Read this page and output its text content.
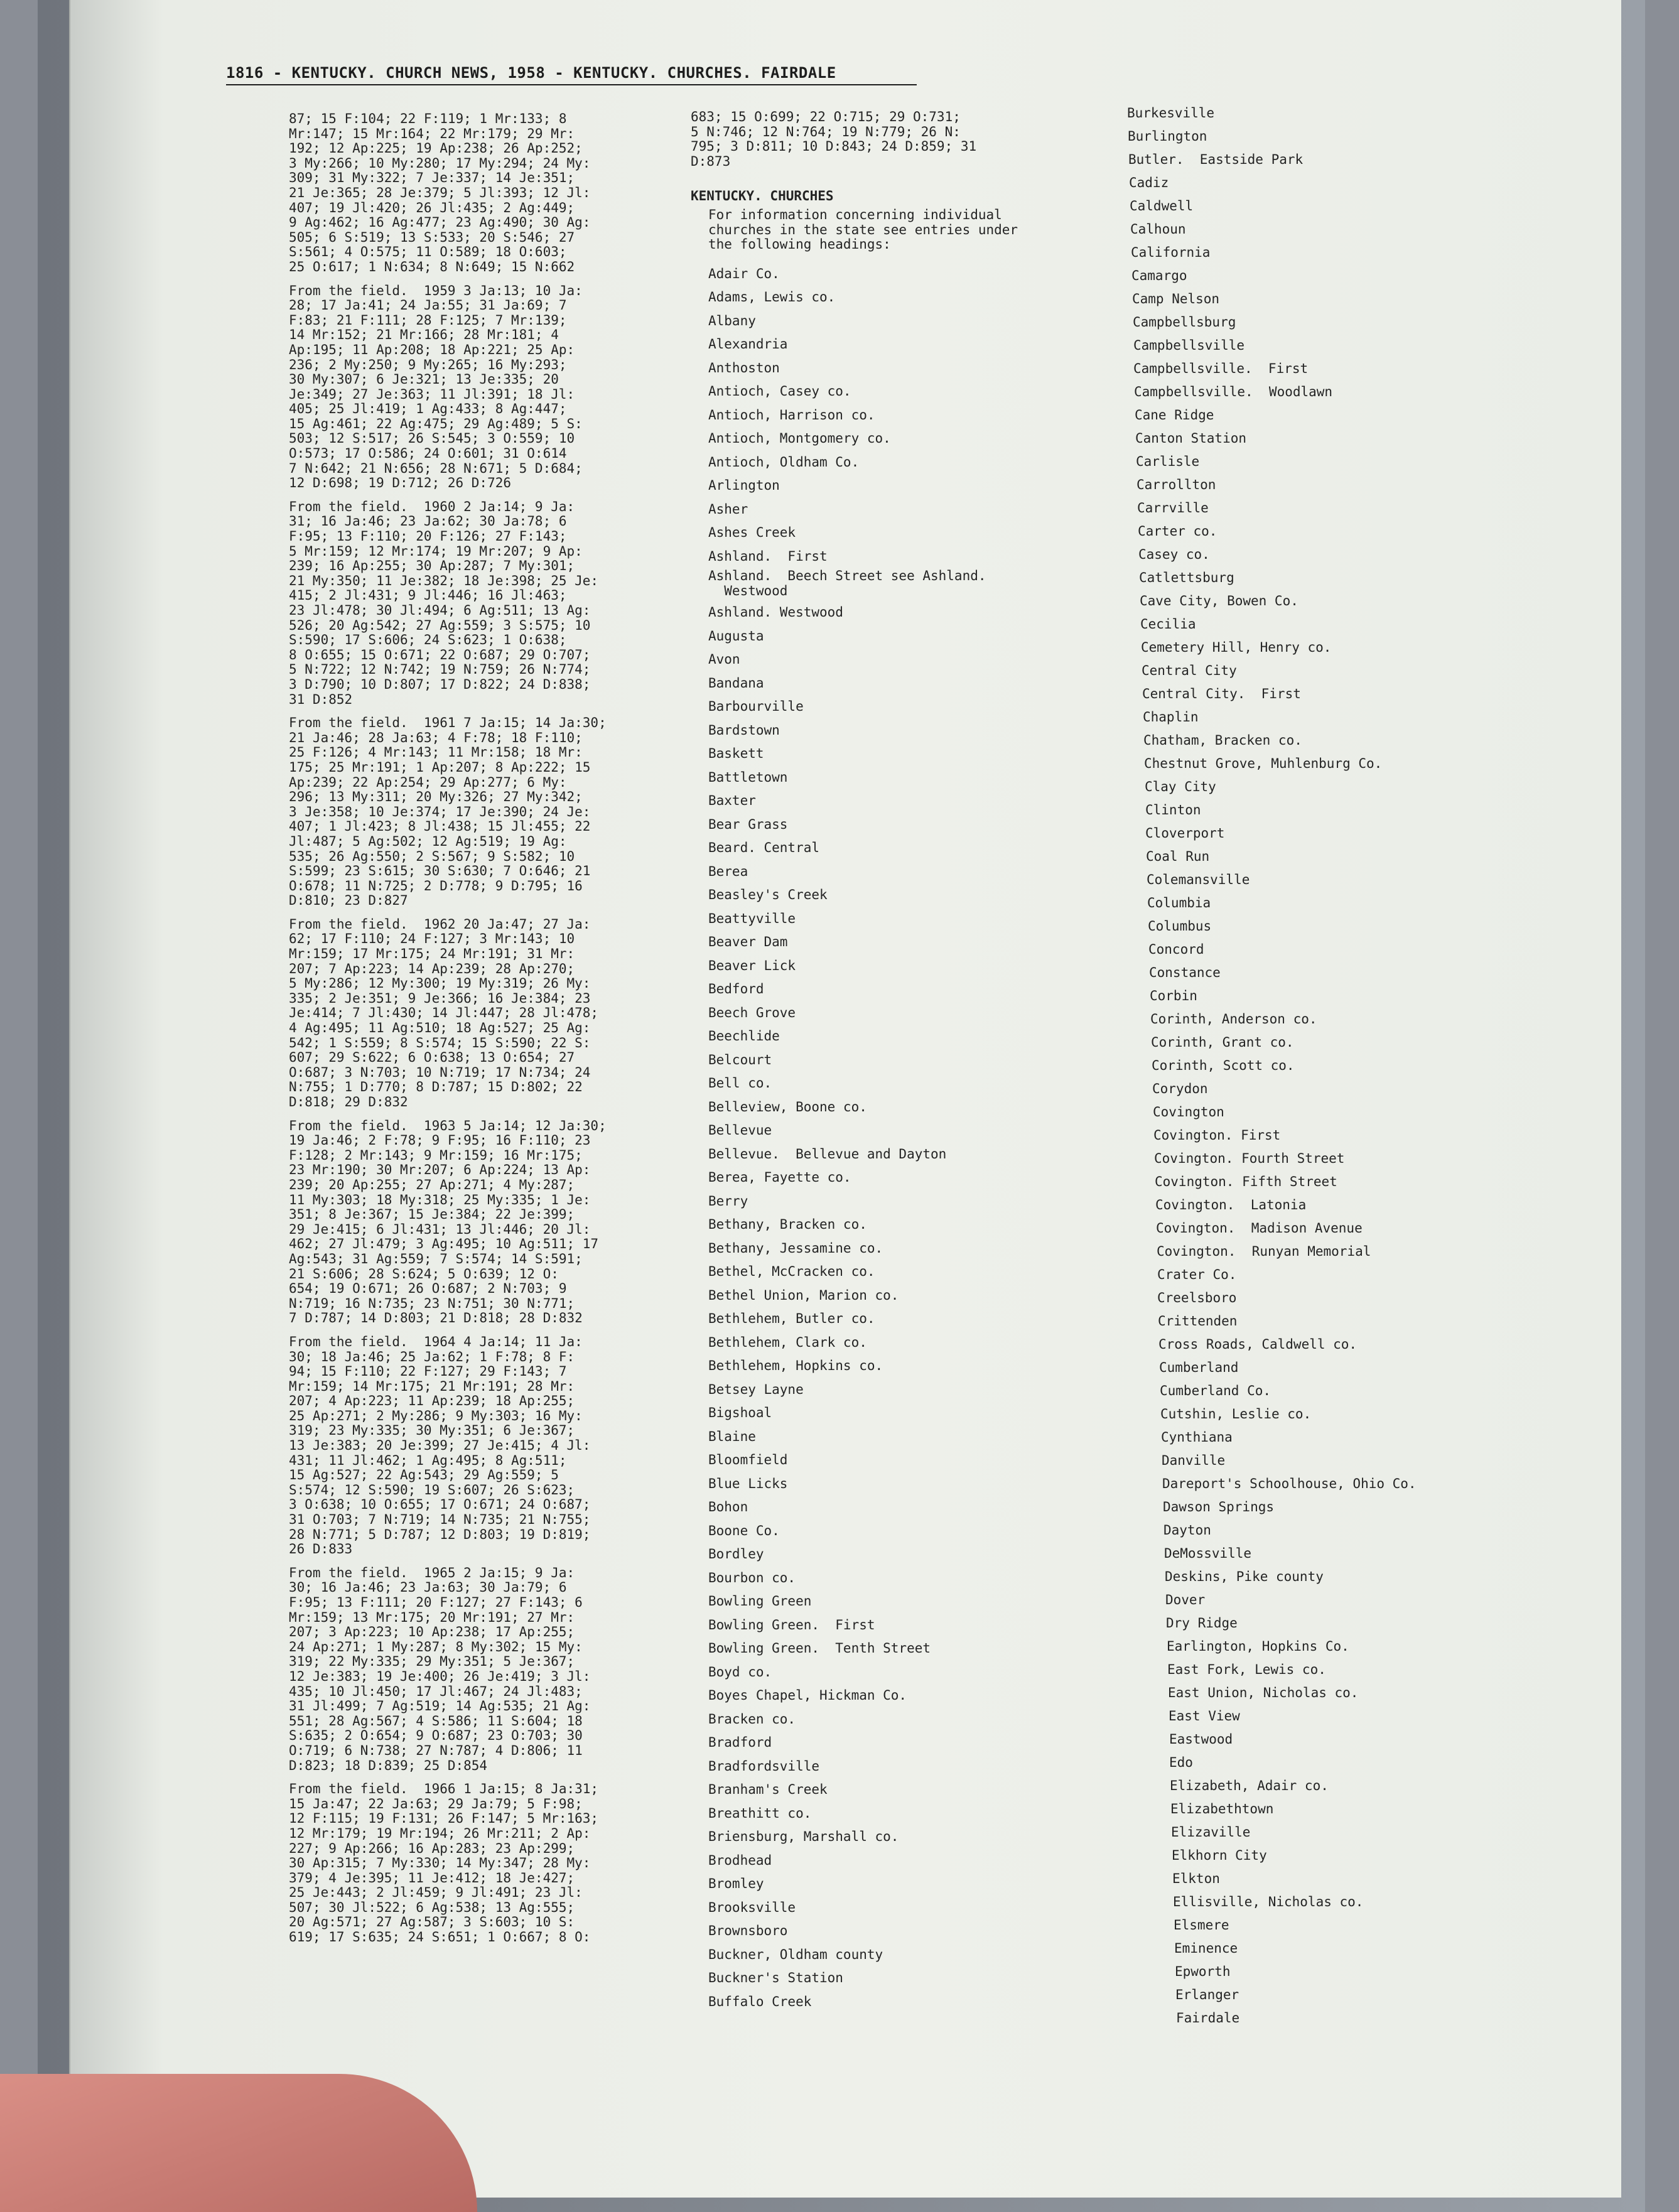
1816 - KENTUCKY. CHURCH NEWS, 1958 - KENTUCKY. CHURCHES. FAIRDALE
87; 15 F:104; 22 F:119; 1 Mr:133; 8
Mr:147; 15 Mr:164; 22 Mr:179; 29 Mr:
192; 12 Ap:225; 19 Ap:238; 26 Ap:252;
3 My:266; 10 My:280; 17 My:294; 24 My:
309; 31 My:322; 7 Je:337; 14 Je:351;
21 Je:365; 28 Je:379; 5 Jl:393; 12 Jl:
407; 19 Jl:420; 26 Jl:435; 2 Ag:449;
9 Ag:462; 16 Ag:477; 23 Ag:490; 30 Ag:
505; 6 S:519; 13 S:533; 20 S:546; 27
S:561; 4 O:575; 11 O:589; 18 O:603;
25 O:617; 1 N:634; 8 N:649; 15 N:662
From the field.  1959 3 Ja:13; 10 Ja:
28; 17 Ja:41; 24 Ja:55; 31 Ja:69; 7
F:83; 21 F:111; 28 F:125; 7 Mr:139;
14 Mr:152; 21 Mr:166; 28 Mr:181; 4
Ap:195; 11 Ap:208; 18 Ap:221; 25 Ap:
236; 2 My:250; 9 My:265; 16 My:293;
30 My:307; 6 Je:321; 13 Je:335; 20
Je:349; 27 Je:363; 11 Jl:391; 18 Jl:
405; 25 Jl:419; 1 Ag:433; 8 Ag:447;
15 Ag:461; 22 Ag:475; 29 Ag:489; 5 S:
503; 12 S:517; 26 S:545; 3 O:559; 10
O:573; 17 O:586; 24 O:601; 31 O:614
7 N:642; 21 N:656; 28 N:671; 5 D:684;
12 D:698; 19 D:712; 26 D:726
From the field.  1960 2 Ja:14; 9 Ja:
31; 16 Ja:46; 23 Ja:62; 30 Ja:78; 6
F:95; 13 F:110; 20 F:126; 27 F:143;
5 Mr:159; 12 Mr:174; 19 Mr:207; 9 Ap:
239; 16 Ap:255; 30 Ap:287; 7 My:301;
21 My:350; 11 Je:382; 18 Je:398; 25 Je:
415; 2 Jl:431; 9 Jl:446; 16 Jl:463;
23 Jl:478; 30 Jl:494; 6 Ag:511; 13 Ag:
526; 20 Ag:542; 27 Ag:559; 3 S:575; 10
S:590; 17 S:606; 24 S:623; 1 O:638;
8 O:655; 15 O:671; 22 O:687; 29 O:707;
5 N:722; 12 N:742; 19 N:759; 26 N:774;
3 D:790; 10 D:807; 17 D:822; 24 D:838;
31 D:852
From the field.  1961 7 Ja:15; 14 Ja:30;
21 Ja:46; 28 Ja:63; 4 F:78; 18 F:110;
25 F:126; 4 Mr:143; 11 Mr:158; 18 Mr:
175; 25 Mr:191; 1 Ap:207; 8 Ap:222; 15
Ap:239; 22 Ap:254; 29 Ap:277; 6 My:
296; 13 My:311; 20 My:326; 27 My:342;
3 Je:358; 10 Je:374; 17 Je:390; 24 Je:
407; 1 Jl:423; 8 Jl:438; 15 Jl:455; 22
Jl:487; 5 Ag:502; 12 Ag:519; 19 Ag:
535; 26 Ag:550; 2 S:567; 9 S:582; 10
S:599; 23 S:615; 30 S:630; 7 O:646; 21
O:678; 11 N:725; 2 D:778; 9 D:795; 16
D:810; 23 D:827
From the field.  1962 20 Ja:47; 27 Ja:
62; 17 F:110; 24 F:127; 3 Mr:143; 10
Mr:159; 17 Mr:175; 24 Mr:191; 31 Mr:
207; 7 Ap:223; 14 Ap:239; 28 Ap:270;
5 My:286; 12 My:300; 19 My:319; 26 My:
335; 2 Je:351; 9 Je:366; 16 Je:384; 23
Je:414; 7 Jl:430; 14 Jl:447; 28 Jl:478;
4 Ag:495; 11 Ag:510; 18 Ag:527; 25 Ag:
542; 1 S:559; 8 S:574; 15 S:590; 22 S:
607; 29 S:622; 6 O:638; 13 O:654; 27
O:687; 3 N:703; 10 N:719; 17 N:734; 24
N:755; 1 D:770; 8 D:787; 15 D:802; 22
D:818; 29 D:832
From the field.  1963 5 Ja:14; 12 Ja:30;
19 Ja:46; 2 F:78; 9 F:95; 16 F:110; 23
F:128; 2 Mr:143; 9 Mr:159; 16 Mr:175;
23 Mr:190; 30 Mr:207; 6 Ap:224; 13 Ap:
239; 20 Ap:255; 27 Ap:271; 4 My:287;
11 My:303; 18 My:318; 25 My:335; 1 Je:
351; 8 Je:367; 15 Je:384; 22 Je:399;
29 Je:415; 6 Jl:431; 13 Jl:446; 20 Jl:
462; 27 Jl:479; 3 Ag:495; 10 Ag:511; 17
Ag:543; 31 Ag:559; 7 S:574; 14 S:591;
21 S:606; 28 S:624; 5 O:639; 12 O:
654; 19 O:671; 26 O:687; 2 N:703; 9
N:719; 16 N:735; 23 N:751; 30 N:771;
7 D:787; 14 D:803; 21 D:818; 28 D:832
From the field.  1964 4 Ja:14; 11 Ja:
30; 18 Ja:46; 25 Ja:62; 1 F:78; 8 F:
94; 15 F:110; 22 F:127; 29 F:143; 7
Mr:159; 14 Mr:175; 21 Mr:191; 28 Mr:
207; 4 Ap:223; 11 Ap:239; 18 Ap:255;
25 Ap:271; 2 My:286; 9 My:303; 16 My:
319; 23 My:335; 30 My:351; 6 Je:367;
13 Je:383; 20 Je:399; 27 Je:415; 4 Jl:
431; 11 Jl:462; 1 Ag:495; 8 Ag:511;
15 Ag:527; 22 Ag:543; 29 Ag:559; 5
S:574; 12 S:590; 19 S:607; 26 S:623;
3 O:638; 10 O:655; 17 O:671; 24 O:687;
31 O:703; 7 N:719; 14 N:735; 21 N:755;
28 N:771; 5 D:787; 12 D:803; 19 D:819;
26 D:833
From the field.  1965 2 Ja:15; 9 Ja:
30; 16 Ja:46; 23 Ja:63; 30 Ja:79; 6
F:95; 13 F:111; 20 F:127; 27 F:143; 6
Mr:159; 13 Mr:175; 20 Mr:191; 27 Mr:
207; 3 Ap:223; 10 Ap:238; 17 Ap:255;
24 Ap:271; 1 My:287; 8 My:302; 15 My:
319; 22 My:335; 29 My:351; 5 Je:367;
12 Je:383; 19 Je:400; 26 Je:419; 3 Jl:
435; 10 Jl:450; 17 Jl:467; 24 Jl:483;
31 Jl:499; 7 Ag:519; 14 Ag:535; 21 Ag:
551; 28 Ag:567; 4 S:586; 11 S:604; 18
S:635; 2 O:654; 9 O:687; 23 O:703; 30
O:719; 6 N:738; 27 N:787; 4 D:806; 11
D:823; 18 D:839; 25 D:854
From the field.  1966 1 Ja:15; 8 Ja:31;
15 Ja:47; 22 Ja:63; 29 Ja:79; 5 F:98;
12 F:115; 19 F:131; 26 F:147; 5 Mr:163;
12 Mr:179; 19 Mr:194; 26 Mr:211; 2 Ap:
227; 9 Ap:266; 16 Ap:283; 23 Ap:299;
30 Ap:315; 7 My:330; 14 My:347; 28 My:
379; 4 Je:395; 11 Je:412; 18 Je:427;
25 Je:443; 2 Jl:459; 9 Jl:491; 23 Jl:
507; 30 Jl:522; 6 Ag:538; 13 Ag:555;
20 Ag:571; 27 Ag:587; 3 S:603; 10 S:
619; 17 S:635; 24 S:651; 1 O:667; 8 O:
683; 15 O:699; 22 O:715; 29 O:731;
5 N:746; 12 N:764; 19 N:779; 26 N:
795; 3 D:811; 10 D:843; 24 D:859; 31
D:873
KENTUCKY. CHURCHES
For information concerning individual
churches in the state see entries under
the following headings:
Adair Co.
Adams, Lewis co.
Albany
Alexandria
Anthoston
Antioch, Casey co.
Antioch, Harrison co.
Antioch, Montgomery co.
Antioch, Oldham Co.
Arlington
Asher
Ashes Creek
Ashland.  First
Ashland.  Beech Street see Ashland.
Westwood
Ashland. Westwood
Augusta
Avon
Bandana
Barbourville
Bardstown
Baskett
Battletown
Baxter
Bear Grass
Beard. Central
Berea
Beasley's Creek
Beattyville
Beaver Dam
Beaver Lick
Bedford
Beech Grove
Beechlide
Belcourt
Bell co.
Belleview, Boone co.
Bellevue
Bellevue.  Bellevue and Dayton
Berea, Fayette co.
Berry
Bethany, Bracken co.
Bethany, Jessamine co.
Bethel, McCracken co.
Bethel Union, Marion co.
Bethlehem, Butler co.
Bethlehem, Clark co.
Bethlehem, Hopkins co.
Betsey Layne
Bigshoal
Blaine
Bloomfield
Blue Licks
Bohon
Boone Co.
Bordley
Bourbon co.
Bowling Green
Bowling Green.  First
Bowling Green.  Tenth Street
Boyd co.
Boyes Chapel, Hickman Co.
Bracken co.
Bradford
Bradfordsville
Branham's Creek
Breathitt co.
Briensburg, Marshall co.
Brodhead
Bromley
Brooksville
Brownsboro
Buckner, Oldham county
Buckner's Station
Buffalo Creek
Burkesville
Burlington
Butler.  Eastside Park
Cadiz
Caldwell
Calhoun
California
Camargo
Camp Nelson
Campbellsburg
Campbellsville
Campbellsville.  First
Campbellsville.  Woodlawn
Cane Ridge
Canton Station
Carlisle
Carrollton
Carrville
Carter co.
Casey co.
Catlettsburg
Cave City, Bowen Co.
Cecilia
Cemetery Hill, Henry co.
Central City
Central City.  First
Chaplin
Chatham, Bracken co.
Chestnut Grove, Muhlenburg Co.
Clay City
Clinton
Cloverport
Coal Run
Colemansville
Columbia
Columbus
Concord
Constance
Corbin
Corinth, Anderson co.
Corinth, Grant co.
Corinth, Scott co.
Corydon
Covington
Covington. First
Covington. Fourth Street
Covington. Fifth Street
Covington.  Latonia
Covington.  Madison Avenue
Covington.  Runyan Memorial
Crater Co.
Creelsboro
Crittenden
Cross Roads, Caldwell co.
Cumberland
Cumberland Co.
Cutshin, Leslie co.
Cynthiana
Danville
Dareport's Schoolhouse, Ohio Co.
Dawson Springs
Dayton
DeMossville
Deskins, Pike county
Dover
Dry Ridge
Earlington, Hopkins Co.
East Fork, Lewis co.
East Union, Nicholas co.
East View
Eastwood
Edo
Elizabeth, Adair co.
Elizabethtown
Elizaville
Elkhorn City
Elkton
Ellisville, Nicholas co.
Elsmere
Eminence
Epworth
Erlanger
Fairdale
